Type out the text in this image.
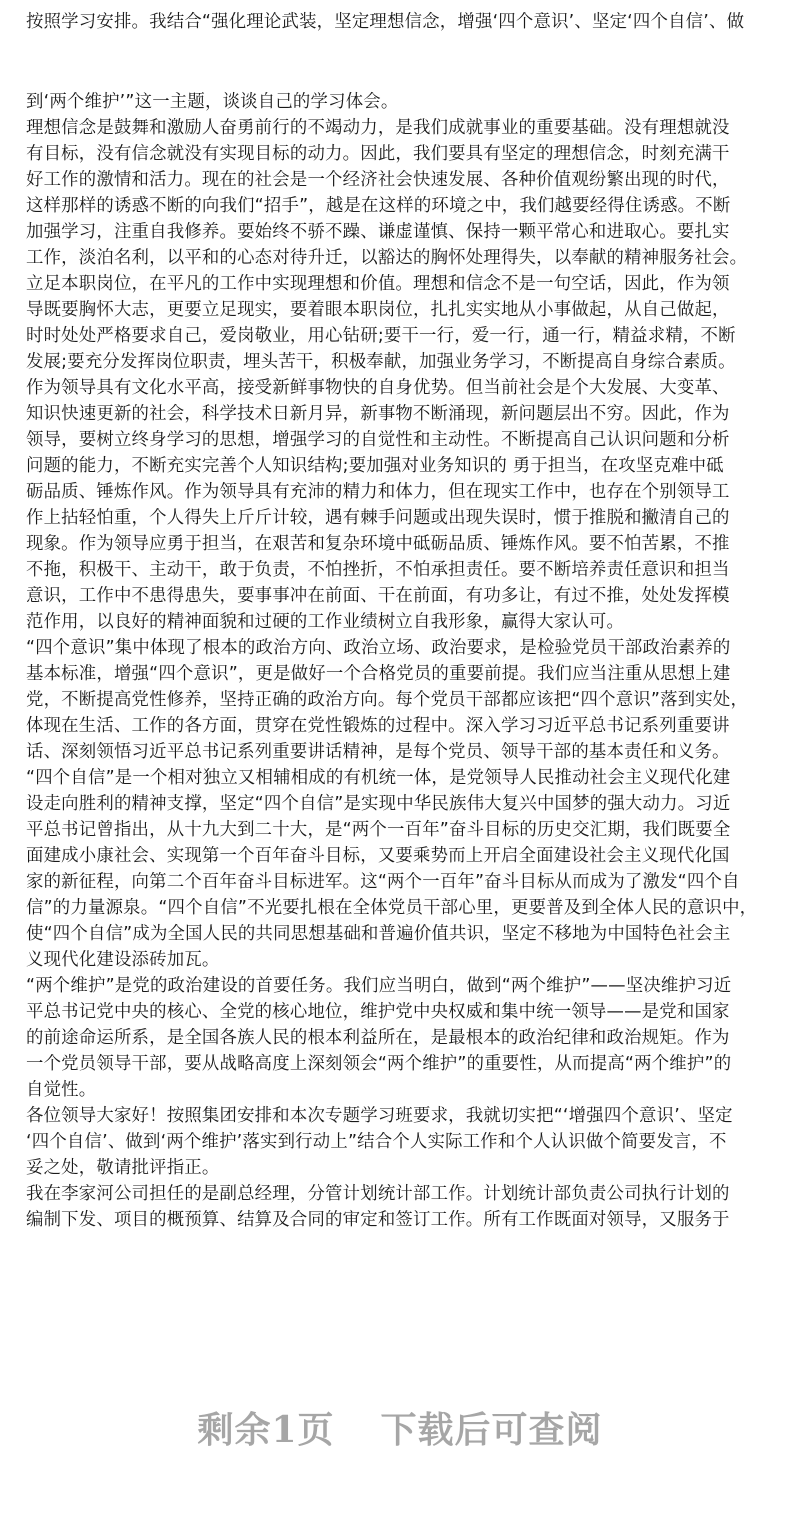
按照学习安排。我结合“强化理论武装，坚定理想信念，增强‘四个意识’、坚定‘四个自信’、做
到‘两个维护’”这一主题，谈谈自己的学习体会。
理想信念是鼓舞和激励人奋勇前行的不竭动力，是我们成就事业的重要基础。没有理想就没
有目标，没有信念就没有实现目标的动力。因此，我们要具有坚定的理想信念，时刻充满干
好工作的激情和活力。现在的社会是一个经济社会快速发展、各种价值观纷繁出现的时代，
这样那样的诱惑不断的向我们“招手”，越是在这样的环境之中，我们越要经得住诱惑。不断
加强学习，注重自我修养。要始终不骄不躁、谦虚谨慎、保持一颗平常心和进取心。要扎实
工作，淡泊名利，以平和的心态对待升迁，以豁达的胸怀处理得失，以奉献的精神服务社会。
立足本职岗位，在平凡的工作中实现理想和价值。理想和信念不是一句空话，因此，作为领
导既要胸怀大志，更要立足现实，要着眼本职岗位，扎扎实实地从小事做起，从自己做起，
时时处处严格要求自己，爱岗敬业，用心钻研;要干一行，爱一行，通一行，精益求精，不断
发展;要充分发挥岗位职责，埋头苦干，积极奉献，加强业务学习，不断提高自身综合素质。
作为领导具有文化水平高，接受新鲜事物快的自身优势。但当前社会是个大发展、大变革、
知识快速更新的社会，科学技术日新月异，新事物不断涌现，新问题层出不穷。因此，作为
领导，要树立终身学习的思想，增强学习的自觉性和主动性。不断提高自己认识问题和分析
问题的能力，不断充实完善个人知识结构;要加强对业务知识的 勇于担当，在攻坚克难中砥
砺品质、锤炼作风。作为领导具有充沛的精力和体力，但在现实工作中，也存在个别领导工
作上拈轻怕重，个人得失上斤斤计较，遇有棘手问题或出现失误时，惯于推脱和撇清自己的
现象。作为领导应勇于担当，在艰苦和复杂环境中砥砺品质、锤炼作风。要不怕苦累，不推
不拖，积极干、主动干，敢于负责，不怕挫折，不怕承担责任。要不断培养责任意识和担当
意识，工作中不患得患失，要事事冲在前面、干在前面，有功多让，有过不推，处处发挥模
范作用，以良好的精神面貌和过硬的工作业绩树立自我形象，赢得大家认可。
“四个意识”集中体现了根本的政治方向、政治立场、政治要求，是检验党员干部政治素养的
基本标准，增强“四个意识”，更是做好一个合格党员的重要前提。我们应当注重从思想上建
党，不断提高党性修养，坚持正确的政治方向。每个党员干部都应该把“四个意识”落到实处，
体现在生活、工作的各方面，贯穿在党性锻炼的过程中。深入学习习近平总书记系列重要讲
话、深刻领悟习近平总书记系列重要讲话精神，是每个党员、领导干部的基本责任和义务。
“四个自信”是一个相对独立又相辅相成的有机统一体，是党领导人民推动社会主义现代化建
设走向胜利的精神支撑，坚定“四个自信”是实现中华民族伟大复兴中国梦的强大动力。习近
平总书记曾指出，从十九大到二十大，是“两个一百年”奋斗目标的历史交汇期，我们既要全
面建成小康社会、实现第一个百年奋斗目标，又要乘势而上开启全面建设社会主义现代化国
家的新征程，向第二个百年奋斗目标进军。这“两个一百年”奋斗目标从而成为了激发“四个自
信”的力量源泉。“四个自信”不光要扎根在全体党员干部心里，更要普及到全体人民的意识中，
使“四个自信”成为全国人民的共同思想基础和普遍价值共识，坚定不移地为中国特色社会主
义现代化建设添砖加瓦。
“两个维护”是党的政治建设的首要任务。我们应当明白，做到“两个维护”——坚决维护习近
平总书记党中央的核心、全党的核心地位，维护党中央权威和集中统一领导——是党和国家
的前途命运所系，是全国各族人民的根本利益所在，是最根本的政治纪律和政治规矩。作为
一个党员领导干部，要从战略高度上深刻领会“两个维护”的重要性，从而提高“两个维护”的
自觉性。
各位领导大家好！按照集团安排和本次专题学习班要求，我就切实把“‘增强四个意识’、坚定
‘四个自信’、做到‘两个维护’落实到行动上”结合个人实际工作和个人认识做个简要发言，不
妥之处，敬请批评指正。
我在李家河公司担任的是副总经理，分管计划统计部工作。计划统计部负责公司执行计划的
编制下发、项目的概预算、结算及合同的审定和签订工作。所有工作既面对领导，又服务于
剩余1页 下载后可查阅
